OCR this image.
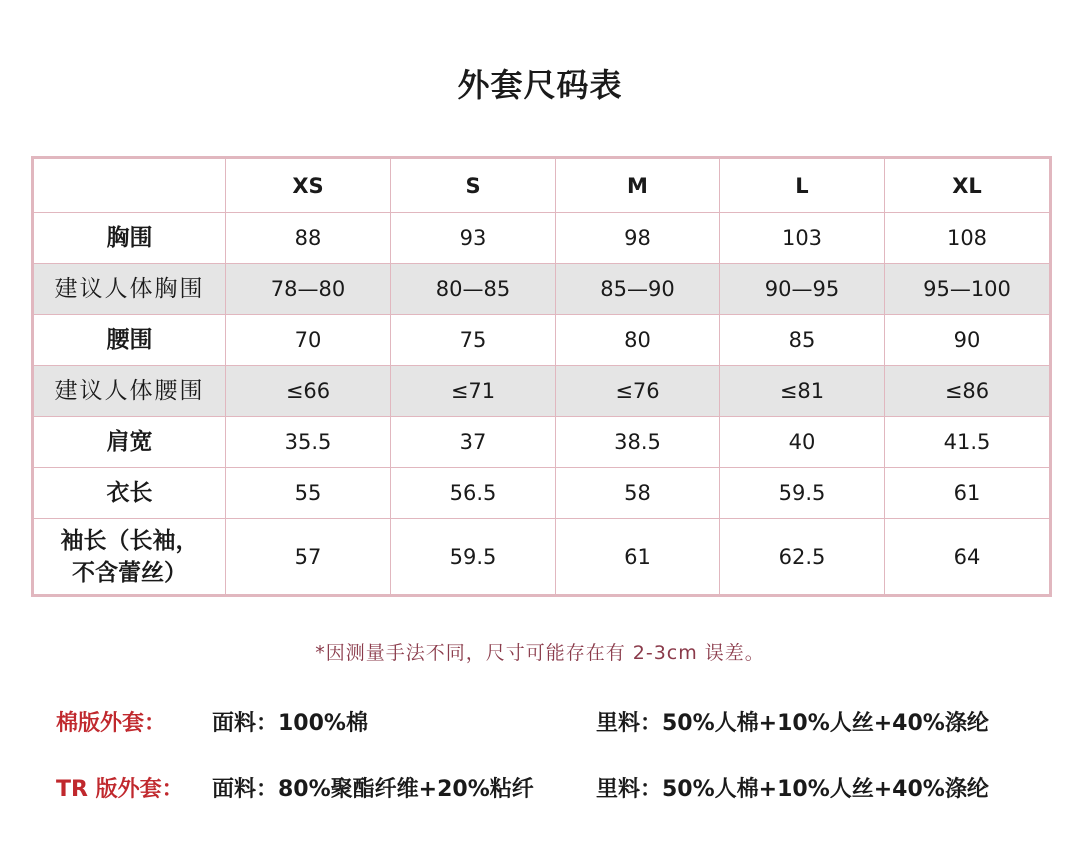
外套尺码表
	XS	S	M	L	XL
胸围	88	93	98	103	108
建议人体胸围	78—80	80—85	85—90	90—95	95—100
腰围	70	75	80	85	90
建议人体腰围	≤66	≤71	≤76	≤81	≤86
肩宽	35.5	37	38.5	40	41.5
衣长	55	56.5	58	59.5	61

袖长（长袖，
不含蕾丝）	57	59.5	61	62.5	64
*因测量手法不同，尺寸可能存在有 2-3cm 误差。
棉版外套： 面料：100%棉	里料：50%人棉+10%人丝+40%涤纶
TR 版外套： 面料：80%聚酯纤维+20%粘纤	里料：50%人棉+10%人丝+40%涤纶
